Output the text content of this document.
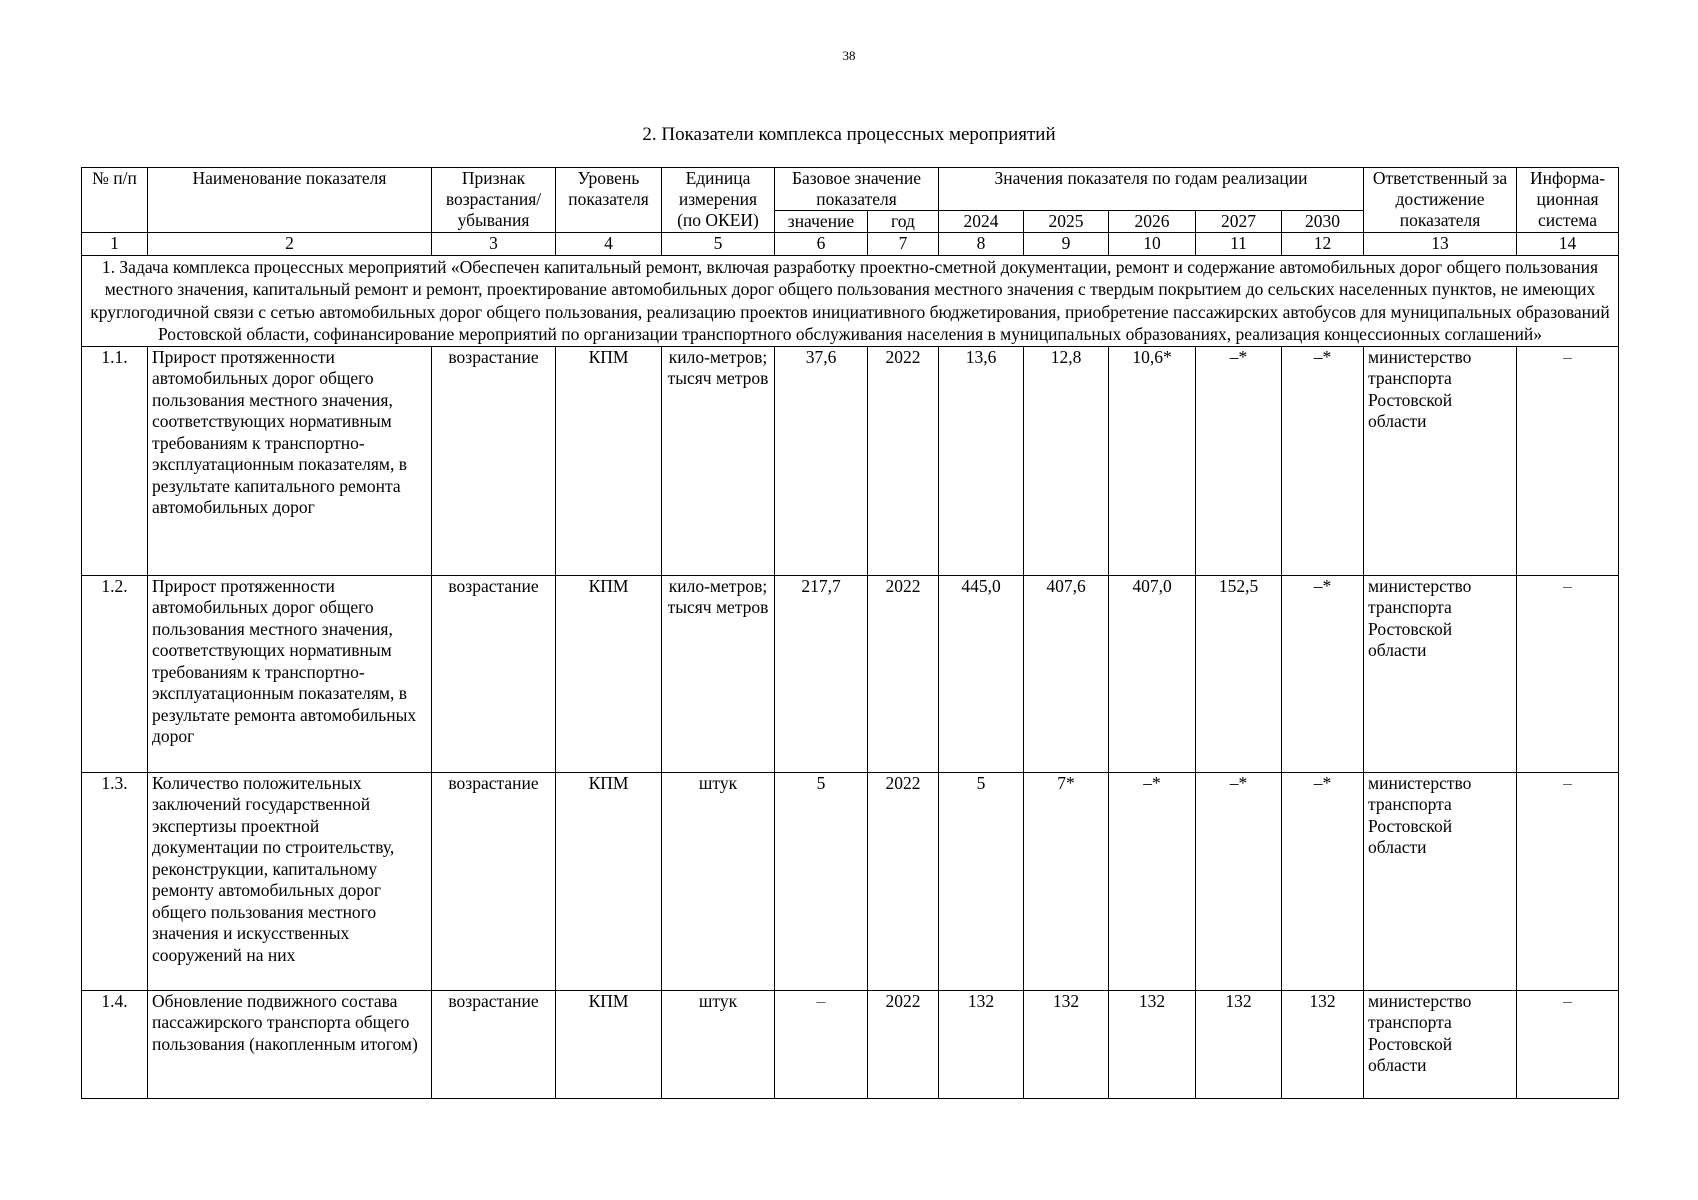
38
2. Показатели комплекса процессных мероприятий
№ п/п	Наименование показателя	Признак возрастания/ убывания	Уровень показателя	Единица измерения (по ОКЕИ)	Базовое значение показателя		Значения показателя по годам реализации					Ответственный за достижение показателя	Информа- ционная система
					значение	год	2024	2025	2026	2027	2030		
1	2	3	4	5	6	7	8	9	10	11	12	13	14
1. Задача комплекса процессных мероприятий «Обеспечен капитальный ремонт, включая разработку проектно-сметной документации, ремонт и содержание автомобильных дорог общего пользования местного значения, капитальный ремонт и ремонт, проектирование автомобильных дорог общего пользования местного значения с твердым покрытием до сельских населенных пунктов, не имеющих круглогодичной связи с сетью автомобильных дорог общего пользования, реализацию проектов инициативного бюджетирования, приобретение пассажирских автобусов для муниципальных образований Ростовской области, софинансирование мероприятий по организации транспортного обслуживания населения в муниципальных образованиях, реализация концессионных соглашений»													
1.1.	Прирост протяженности автомобильных дорог общего пользования местного значения, соответствующих нормативным требованиям к транспортно-эксплуатационным показателям, в результате капитального ремонта автомобильных дорог	возрастание	КПМ	кило-метров; тысяч метров	37,6	2022	13,6	12,8	10,6*	–*	–*	министерство транспорта Ростовской области	–
1.2.	Прирост протяженности автомобильных дорог общего пользования местного значения, соответствующих нормативным требованиям к транспортно-эксплуатационным показателям, в результате ремонта автомобильных дорог	возрастание	КПМ	кило-метров; тысяч метров	217,7	2022	445,0	407,6	407,0	152,5	–*	министерство транспорта Ростовской области	–
1.3.	Количество положительных заключений государственной экспертизы проектной документации по строительству, реконструкции, капитальному ремонту автомобильных дорог общего пользования местного значения и искусственных сооружений на них	возрастание	КПМ	штук	5	2022	5	7*	–*	–*	–*	министерство транспорта Ростовской области	–
1.4.	Обновление подвижного состава пассажирского транспорта общего пользования (накопленным итогом)	возрастание	КПМ	штук	–	2022	132	132	132	132	132	министерство транспорта Ростовской области	–
